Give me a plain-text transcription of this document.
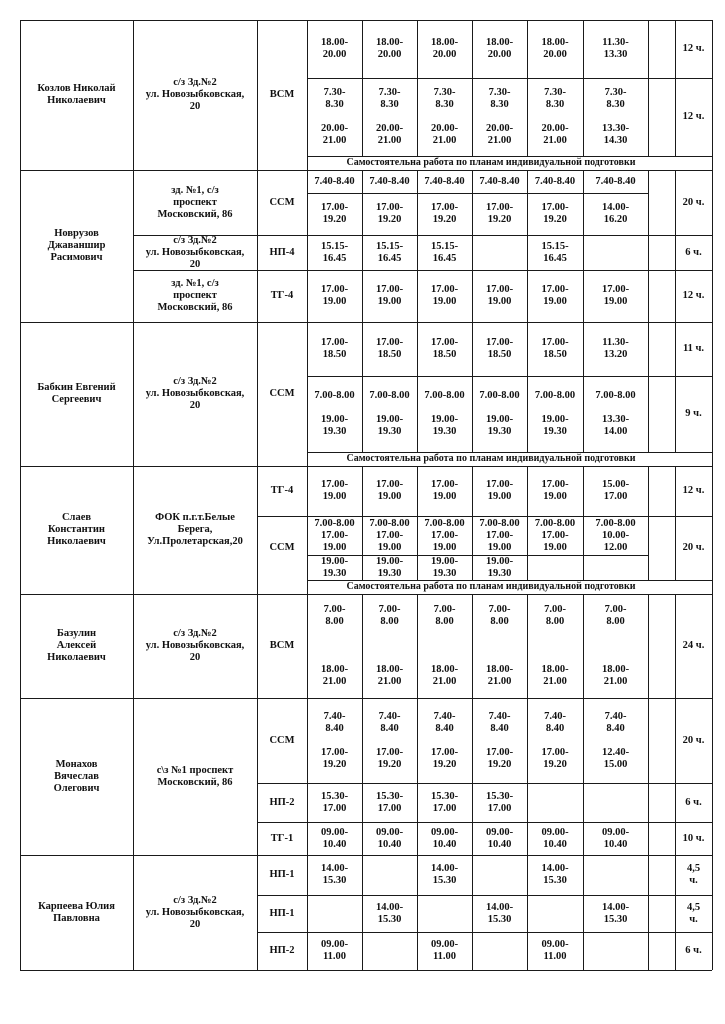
Козлов Николай
Николаевич
Самостоятельна работа по планам индивидуальной подготовки
с/з Зд.№2
ул. Новозыбковская,
20
ВСМ
18.00-
20.00
18.00-
20.00
18.00-
20.00
18.00-
20.00
18.00-
20.00
11.30-
13.30
12 ч.
7.30-
8.30

20.00-
21.00
7.30-
8.30

20.00-
21.00
7.30-
8.30

20.00-
21.00
7.30-
8.30

20.00-
21.00
7.30-
8.30

20.00-
21.00
7.30-
8.30

13.30-
14.30
12 ч.
Новрузов
Джаваншир
Расимович
зд. №1, с/з
проспект
Московский, 86
ССМ
7.40-8.40
17.00-
19.20
7.40-8.40
17.00-
19.20
7.40-8.40
17.00-
19.20
7.40-8.40
17.00-
19.20
7.40-8.40
17.00-
19.20
7.40-8.40
14.00-
16.20
20 ч.
с/з Зд.№2
ул. Новозыбковская,
20
НП-4
15.15-
16.45
15.15-
16.45
15.15-
16.45
15.15-
16.45
6 ч.
зд. №1, с/з
проспект
Московский, 86
ТГ-4
17.00-
19.00
17.00-
19.00
17.00-
19.00
17.00-
19.00
17.00-
19.00
17.00-
19.00
12 ч.
Бабкин Евгений
Сергеевич
Самостоятельна работа по планам индивидуальной подготовки
с/з Зд.№2
ул. Новозыбковская,
20
ССМ
17.00-
18.50
17.00-
18.50
17.00-
18.50
17.00-
18.50
17.00-
18.50
11.30-
13.20
11 ч.
7.00-8.00

19.00-
19.30
7.00-8.00

19.00-
19.30
7.00-8.00

19.00-
19.30
7.00-8.00

19.00-
19.30
7.00-8.00

19.00-
19.30
7.00-8.00

13.30-
14.00
9 ч.
Слаев
Константин
Николаевич
Самостоятельна работа по планам индивидуальной подготовки
ФОК п.г.т.Белые
Берега,
Ул.Пролетарская,20
ТГ-4
17.00-
19.00
17.00-
19.00
17.00-
19.00
17.00-
19.00
17.00-
19.00
15.00-
17.00
12 ч.
ССМ
7.00-8.00
17.00-
19.00
19.00-
19.30
7.00-8.00
17.00-
19.00
19.00-
19.30
7.00-8.00
17.00-
19.00
19.00-
19.30
7.00-8.00
17.00-
19.00
19.00-
19.30
7.00-8.00
17.00-
19.00
7.00-8.00
10.00-
12.00	20 ч.
Базулин
Алексей
Николаевич
с/з Зд.№2
ул. Новозыбковская,
20
ВСМ
7.00-
8.00

18.00-
21.00
7.00-
8.00

18.00-
21.00
7.00-
8.00

18.00-
21.00
7.00-
8.00

18.00-
21.00
7.00-
8.00

18.00-
21.00
7.00-
8.00

18.00-
21.00
24 ч.
Монахов
Вячеслав
Олегович
с\з №1 проспект
Московский, 86
ССМ
7.40-
8.40

17.00-
19.20
7.40-
8.40

17.00-
19.20
7.40-
8.40

17.00-
19.20
7.40-
8.40

17.00-
19.20
7.40-
8.40

17.00-
19.20
7.40-
8.40

12.40-
15.00
20 ч.
НП-2
15.30-
17.00
15.30-
17.00
15.30-
17.00
15.30-
17.00
6 ч.
ТГ-1
09.00-
10.40
09.00-
10.40
09.00-
10.40
09.00-
10.40
09.00-
10.40
09.00-
10.40
10 ч.
Карпеева Юлия
Павловна
с/з Зд.№2
ул. Новозыбковская,
20
НП-1
14.00-
15.30
14.00-
15.30
14.00-
15.30
4,5
ч.
НП-1
14.00-
15.30
14.00-
15.30
14.00-
15.30
4,5
ч.
НП-2
09.00-
11.00
09.00-
11.00
09.00-
11.00
6 ч.
